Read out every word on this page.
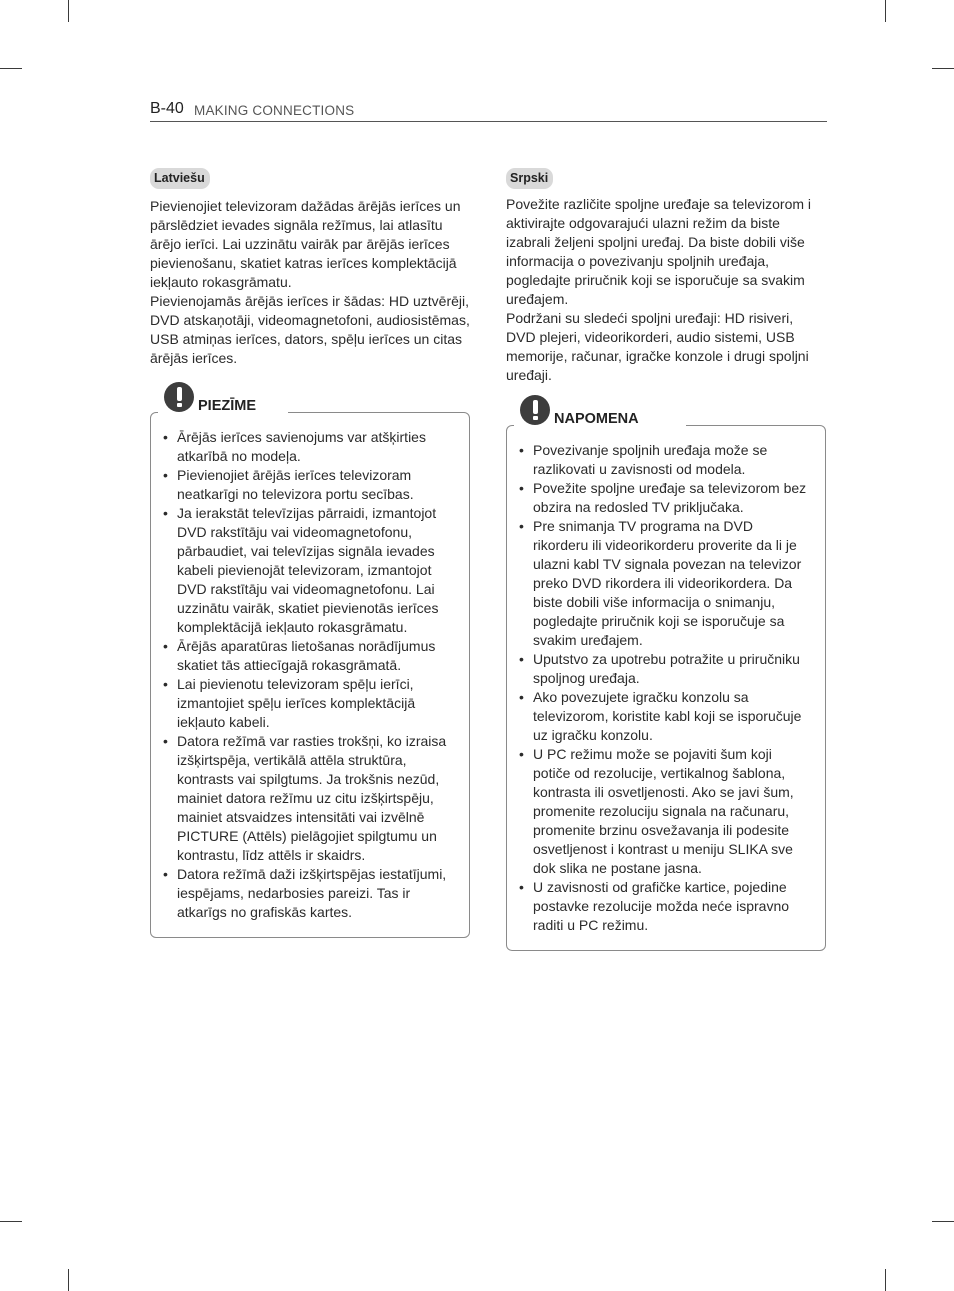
B-40 MAKING CONNECTIONS
Latviešu

Pievienojiet televizoram dažādas ārējās ierīces un pārslēdziet ievades signāla režīmus, lai atlasītu ārējo ierīci. Lai uzzinātu vairāk par ārējās ierīces pievienošanu, skatiet katras ierīces komplektācijā iekļauto rokasgrāmatu.

Pievienojamās ārējās ierīces ir šādas: HD uztvērēji, DVD atskaņotāji, videomagnetofoni, audiosistēmas, USB atmiņas ierīces, dators, spēļu ierīces un citas ārējās ierīces.

PIEZĪME
• Ārējās ierīces savienojums var atšķirties atkarībā no modeļa.
• Pievienojiet ārējās ierīces televizoram neatkarīgi no televizora portu secības.
• Ja ierakstāt televīzijas pārraidi, izmantojot DVD rakstītāju vai videomagnetofonu, pārbaudiet, vai televīzijas signāla ievades kabeli pievienojāt televizoram, izmantojot DVD rakstītāju vai videomagnetofonu. Lai uzzinātu vairāk, skatiet pievienotās ierīces komplektācijā iekļauto rokasgrāmatu.
• Ārējās aparatūras lietošanas norādījumus skatiet tās attiecīgajā rokasgrāmatā.
• Lai pievienotu televizoram spēļu ierīci, izmantojiet spēļu ierīces komplektācijā iekļauto kabeli.
• Datora režīmā var rasties trokšņi, ko izraisa izšķirtspēja, vertikālā attēla struktūra, kontrasts vai spilgtums. Ja trokšnis nezūd, mainiet datora režīmu uz citu izšķirtspēju, mainiet atsvaidzes intensitāti vai izvēlnē PICTURE (Attēls) pielāgojiet spilgtumu un kontrastu, līdz attēls ir skaidrs.
• Datora režīmā daži izšķirtspējas iestatījumi, iespējams, nedarbosies pareizi. Tas ir atkarīgs no grafiskās kartes.
Srpski

Povežite različite spoljne uređaje sa televizorom i aktivirajte odgovarajući ulazni režim da biste izabrali željeni spoljni uređaj. Da biste dobili više informacija o povezivanju spoljnih uređaja, pogledajte priručnik koji se isporučuje sa svakim uređajem.

Podržani su sledeći spoljni uređaji: HD risiveri, DVD plejeri, videorikorderi, audio sistemi, USB memorije, računar, igračke konzole i drugi spoljni uređaji.

NAPOMENA
• Povezivanje spoljnih uređaja može se razlikovati u zavisnosti od modela.
• Povežite spoljne uređaje sa televizorom bez obzira na redosled TV priključaka.
• Pre snimanja TV programa na DVD rikorderu ili videorikorderu proverite da li je ulazni kabl TV signala povezan na televizor preko DVD rikordera ili videorikordera. Da biste dobili više informacija o snimanju, pogledajte priručnik koji se isporučuje sa svakim uređajem.
• Uputstvo za upotrebu potražite u priručniku spoljnog uređaja.
• Ako povezujete igračku konzolu sa televizorom, koristite kabl koji se isporučuje uz igračku konzolu.
• U PC režimu može se pojaviti šum koji potiče od rezolucije, vertikalnog šablona, kontrasta ili osvetljenosti. Ako se javi šum, promenite rezoluciju signala na računaru, promenite brzinu osvežavanja ili podesite osvetljenost i kontrast u meniju SLIKA sve dok slika ne postane jasna.
• U zavisnosti od grafičke kartice, pojedine postavke rezolucije možda neće ispravno raditi u PC režimu.
